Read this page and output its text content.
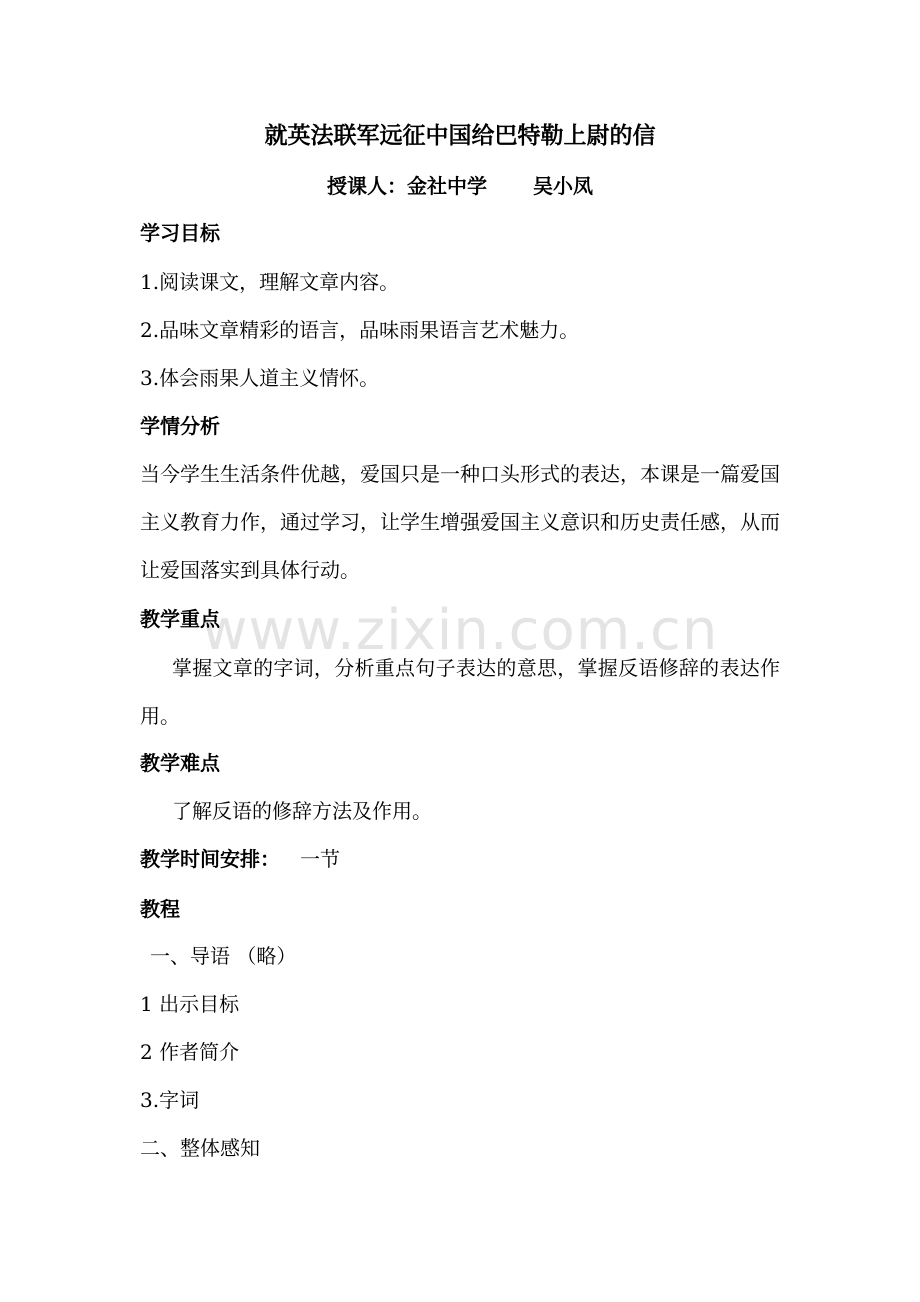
www.zixin.com.cn
就英法联军远征中国给巴特勒上尉的信
授课人：金社中学 吴小凤
学习目标
1.阅读课文，理解文章内容。
2.品味文章精彩的语言，品味雨果语言艺术魅力。
3.体会雨果人道主义情怀。
学情分析
当今学生生活条件优越，爱国只是一种口头形式的表达，本课是一篇爱国主义教育力作，通过学习，让学生增强爱国主义意识和历史责任感，从而让爱国落实到具体行动。
教学重点
掌握文章的字词，分析重点句子表达的意思，掌握反语修辞的表达作用。
教学难点
了解反语的修辞方法及作用。
教学时间安排： 一节
教程
一、导语 （略）
1 出示目标
2 作者简介
3.字词
二、整体感知
